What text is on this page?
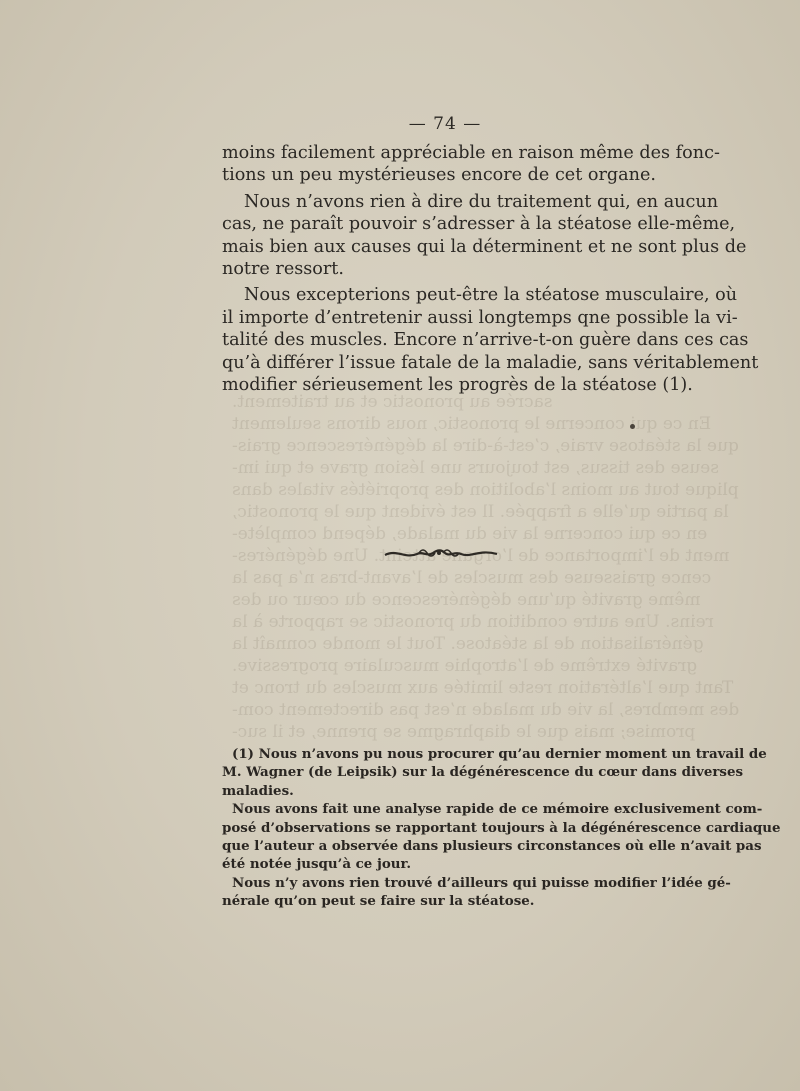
sacrée au pronostic et au traitement.
En ce qui concerne le pronostic, nous dirons seulement
que la stéatose vraie, c’est-à-dire la dégénérescence grais-
seuse des tissus, est toujours une lésion grave et qui im-
plique tout au moins l’abolition des propriétés vitales dans
la partie qu’elle a frappée. Il est évident que le pronostic,
en ce qui concerne la vie du malade, dépend complète-
ment de l’importance de l’organe atteint. Une dégénéres-
cence graisseuse des muscles de l’avant-bras n’a pas la
même gravité qu’une dégénérescence du cœur ou des
reins. Une autre condition du pronostic se rapporte à la
généralisation de la stéatose. Tout le monde connaît la
gravité extrême de l’atrophie musculaire progressive.
Tant que l’altération reste limitée aux muscles du tronc et
des membres, la vie du malade n’est pas directement com-
promise; mais que le diaphragme se prenne, et il suc-
— 74 —

moins facilement appréciable en raison même des fonc-
tions un peu mystérieuses encore de cet organe.

Nous n’avons rien à dire du traitement qui, en aucun
cas, ne paraît pouvoir s’adresser à la stéatose elle-même,
mais bien aux causes qui la déterminent et ne sont plus de
notre ressort.

Nous excepterions peut-être la stéatose musculaire, où
il importe d’entretenir aussi longtemps qne possible la vi-
talité des muscles. Encore n’arrive-t-on guère dans ces cas
qu’à différer l’issue fatale de la maladie, sans véritablement
modifier sérieusement les progrès de la stéatose (1).

(1) Nous n’avons pu nous procurer qu’au dernier moment un travail de
M. Wagner (de Leipsik) sur la dégénérescence du cœur dans diverses
maladies.

Nous avons fait une analyse rapide de ce mémoire exclusivement com-
posé d’observations se rapportant toujours à la dégénérescence cardiaque
que l’auteur a observée dans plusieurs circonstances où elle n’avait pas
été notée jusqu’à ce jour.

Nous n’y avons rien trouvé d’ailleurs qui puisse modifier l’idée gé-
nérale qu’on peut se faire sur la stéatose.
